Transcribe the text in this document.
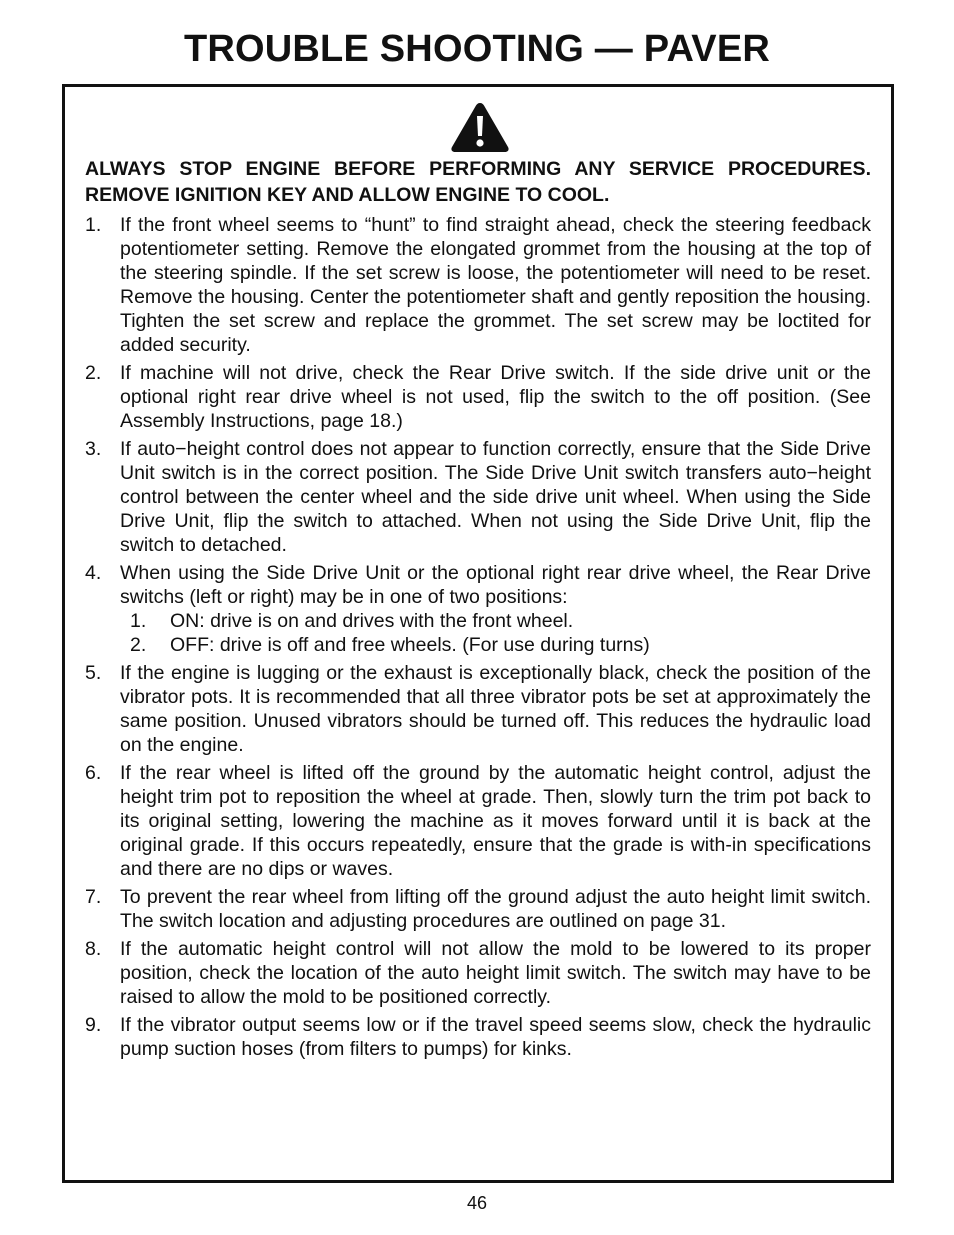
TROUBLE SHOOTING — PAVER
ALWAYS STOP ENGINE BEFORE PERFORMING ANY SERVICE PROCEDURES. REMOVE IGNITION KEY AND ALLOW ENGINE TO COOL.
1. If the front wheel seems to “hunt” to find straight ahead, check the steering feedback potentiometer setting. Remove the elongated grommet from the housing at the top of the steering spindle. If the set screw is loose, the potentiometer will need to be reset. Remove the housing. Center the potentiometer shaft and gently reposition the housing. Tighten the set screw and replace the grommet. The set screw may be loctited for added security.
2. If machine will not drive, check the Rear Drive switch. If the side drive unit or the optional right rear drive wheel is not used, flip the switch to the off position. (See Assembly Instructions, page 18.)
3. If auto−height control does not appear to function correctly, ensure that the Side Drive Unit switch is in the correct position. The Side Drive Unit switch transfers auto−height control between the center wheel and the side drive unit wheel. When using the Side Drive Unit, flip the switch to attached. When not using the Side Drive Unit, flip the switch to detached.
4. When using the Side Drive Unit or the optional right rear drive wheel, the Rear Drive switchs (left or right) may be in one of two positions:
1. ON: drive is on and drives with the front wheel.
2. OFF: drive is off and free wheels. (For use during turns)
5. If the engine is lugging or the exhaust is exceptionally black, check the position of the vibrator pots. It is recommended that all three vibrator pots be set at approximately the same position. Unused vibrators should be turned off. This reduces the hydraulic load on the engine.
6. If the rear wheel is lifted off the ground by the automatic height control, adjust the height trim pot to reposition the wheel at grade. Then, slowly turn the trim pot back to its original setting, lowering the machine as it moves forward until it is back at the original grade. If this occurs repeatedly, ensure that the grade is with-in specifications and there are no dips or waves.
7. To prevent the rear wheel from lifting off the ground adjust the auto height limit switch. The switch location and adjusting procedures are outlined on page 31.
8. If the automatic height control will not allow the mold to be lowered to its proper position, check the location of the auto height limit switch. The switch may have to be raised to allow the mold to be positioned correctly.
9. If the vibrator output seems low or if the travel speed seems slow, check the hydraulic pump suction hoses (from filters to pumps) for kinks.
46
